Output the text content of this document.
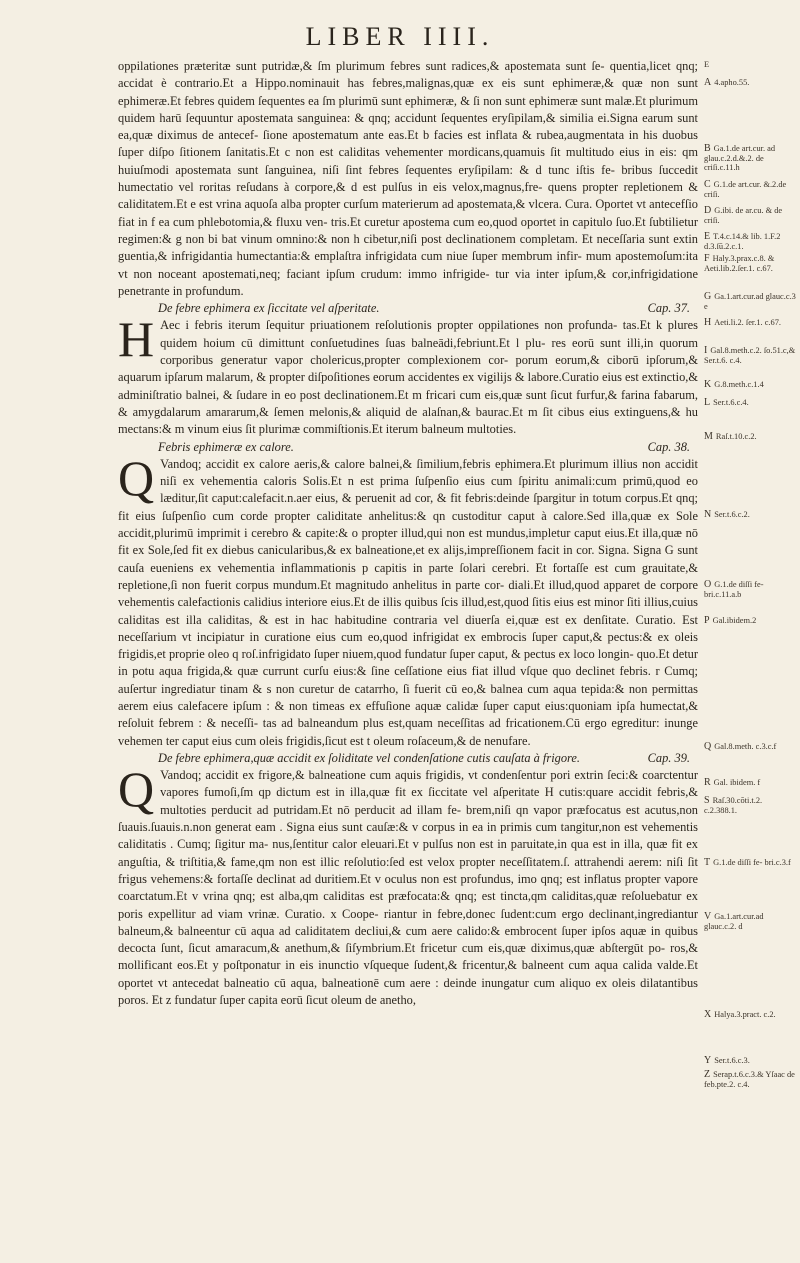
LIBER IIII.

oppilationes præteritæ sunt putridæ,& ſm plurimum febres sunt radices,& apostemata sunt ſe- quentia,licet qnq; accidat è contrario.Et a Hippo.nominauit has febres,malignas,quæ ex eis sunt ephimeræ,& quæ non sunt ephimeræ.Et febres quidem ſequentes ea ſm plurimū sunt ephimeræ, & ſi non sunt ephimeræ sunt malæ.Et plurimum quidem harū ſequuntur apostemata sanguinea: & qnq; accidunt ſequentes eryſipilam,& similia ei.Signa earum sunt ea,quæ diximus de antecef- ſione apostematum ante eas.Et b facies est inflata & rubea,augmentata in his duobus ſuper diſpo ſitionem ſanitatis.Et c non est caliditas vehementer mordicans,quamuis ſit multitudo eius in eis: qm huiuſmodi apostemata sunt ſanguinea, niſi ſint febres ſequentes eryſipilam: & d tunc iſtis fe- bribus ſuccedit humectatio vel roritas reſudans à corpore,& d est pulſus in eis velox,magnus,fre- quens propter repletionem & caliditatem.Et e est vrina aquoſa alba propter curſum materierum ad apostemata,& vlcera. Cura. Oportet vt antecefſio fiat in f ea cum phlebotomia,& fluxu ven- tris.Et curetur apostema cum eo,quod oportet in capitulo ſuo.Et ſubtilietur regimen:& g non bi bat vinum omnino:& non h cibetur,niſi post declinationem completam. Et neceſſaria sunt extin guentia,& infrigidantia humectantia:& emplaſtra infrigidata cum niue ſuper membrum infir- mum apostemoſum:ita vt non noceant apostemati,neq; faciant ipſum crudum: immo infrigide- tur via inter ipſum,& cor,infrigidatione penetrante in profundum.

De febre ephimera ex ſiccitate vel aſperitate.	Cap. 37.

H Aec i febris iterum ſequitur priuationem reſolutionis propter oppilationes non profunda- tas.Et k plures quidem hoium cū dimittunt conſuetudines ſuas balneādi,febriunt.Et l plu- res eorū sunt illi,in quorum corporibus generatur vapor cholericus,propter complexionem cor- porum eorum,& ciborū ipſorum,& aquarum ipſarum malarum, & propter diſpoſitiones eorum accidentes ex vigilijs & labore.Curatio eius est extinctio,& adminiſtratio balnei, & ſudare in eo post declinationem.Et m fricari cum eis,quæ sunt ſicut furfur,& farina fabarum, & amygdalarum amararum,& ſemen melonis,& aliquid de alaſnan,& baurac.Et m ſit cibus eius extinguens,& hu mectans:& m vinum eius ſit plurimæ commiſtionis.Et iterum balneum multoties.

Febris ephimeræ ex calore.	Cap. 38.

Q Vandoq; accidit ex calore aeris,& calore balnei,& ſimilium,febris ephimera.Et plurimum illius non accidit niſi ex vehementia caloris Solis.Et n est prima ſuſpenſio eius cum ſpiritu animali:cum primū,quod eo læditur,ſit caput:calefacit.n.aer eius, & peruenit ad cor, & fit febris:deinde ſpargitur in totum corpus.Et qnq; fit eius ſuſpenſio cum corde propter caliditate anhelitus:& qn custoditur caput à calore.Sed illa,quæ ex Sole accidit,plurimū imprimit i cerebro & capite:& o propter illud,qui non est mundus,impletur caput eius.Et illa,quæ nō fit ex Sole,ſed fit ex diebus canicularibus,& ex balneatione,et ex alijs,impreſſionem facit in cor. Signa. Signa G sunt cauſa eueniens ex vehementia inflammationis p capitis in parte ſolari cerebri. Et fortaſſe est cum grauitate,& repletione,ſi non fuerit corpus mundum.Et magnitudo anhelitus in parte cor- diali.Et illud,quod apparet de corpore vehementis calefactionis calidius interiore eius.Et de illis quibus ſcis illud,est,quod ſitis eius est minor ſiti illius,cuius caliditas est illa caliditas, & est in hac habitudine contraria vel diuerſa ei,quæ est ex denſitate. Curatio. Est neceſſarium vt incipiatur in curatione eius cum eo,quod infrigidat ex embrocis ſuper caput,& pectus:& ex oleis frigidis,et proprie oleo q roſ.infrigidato ſuper niuem,quod fundatur ſuper caput, & pectus ex loco longin- quo.Et detur in potu aqua frigida,& quæ currunt curſu eius:& ſine ceſſatione eius fiat illud vſque quo declinet febris. r Cumq; auſertur ingrediatur tinam & s non curetur de catarrho, ſi fuerit cū eo,& balnea cum aqua tepida:& non permittas aerem eius calefacere ipſum : & non timeas ex effuſione aquæ calidæ ſuper caput eius:quoniam ipſa humectat,& reſoluit febrem : & neceſſi- tas ad balneandum plus est,quam neceſſitas ad fricationem.Cū ergo egreditur: inunge vehemen ter caput eius cum oleis frigidis,ſicut est t oleum roſaceum,& de nenufare.

De febre ephimera,quæ accidit ex ſoliditate vel condenſatione cutis cauſata à frigore.	Cap. 39.

Q Vandoq; accidit ex frigore,& balneatione cum aquis frigidis, vt condenſentur pori extrin ſeci:& coarctentur vapores fumoſi,ſm qp dictum est in illa,quæ fit ex ſiccitate vel aſperitate H cutis:quare accidit febris,& multoties perducit ad putridam.Et nō perducit ad illam fe- brem,niſi qn vapor præfocatus est acutus,non ſuauis.ſuauis.n.non generat eam . Signa eius sunt cauſæ:& v corpus in ea in primis cum tangitur,non est vehementis caliditatis . Cumq; ſigitur ma- nus,ſentitur calor eleuari.Et v pulſus non est in paruitate,in qua est in illa, quæ fit ex anguſtia, & triſtitia,& fame,qm non est illic reſolutio:ſed est velox propter neceſſitatem.ſ. attrahendi aerem: niſi ſit frigus vehemens:& fortaſſe declinat ad duritiem.Et v oculus non est profundus, imo qnq; est inflatus propter vapore coarctatum.Et v vrina qnq; est alba,qm caliditas est præfocata:& qnq; est tincta,qm caliditas,quæ reſoluebatur ex poris expellitur ad viam vrinæ. Curatio. x Coope- riantur in febre,donec ſudent:cum ergo declinant,ingrediantur balneum,& balneentur cū aqua ad caliditatem decliui,& cum aere calido:& embrocent ſuper ipſos aquæ in quibus decocta ſunt, ſicut amaracum,& anethum,& ſiſymbrium.Et fricetur cum eis,quæ diximus,quæ abſtergūt po- ros,& mollificant eos.Et y poſtponatur in eis inunctio vſqueque ſudent,& fricentur,& balneent cum aqua calida valde.Et oportet vt antecedat balneatio cū aqua, balneationē cum aere : deinde inungatur cum aliquo ex oleis dilatantibus poros. Et z fundatur ſuper capita eorū ſicut oleum de anetho,

E
A 4.apho.55.
B Ga.1.de art.cur. ad glau.c.2.d.&.2. de criſi.c.11.h
C G.1.de art.cur. &.2.de criſi.
D G.ibi. de ar.cu. & de criſi.
E T.4.c.14.& lib. 1.F.2 d.3.ſū.2.c.1.
F Haly.3.prax.c.8. & Aeti.lib.2.ſer.1. c.67.
G Ga.1.art.cur.ad glauc.c.3 e
H Aeti.li.2. ſer.1. c.67.
I Gal.8.meth.c.2. ſo.51.c,& Ser.t.6. c.4.
K G.8.meth.c.1.4
L Ser.t.6.c.4.
M Raſ.t.10.c.2.
N Ser.t.6.c.2.
O G.1.de diſſi fe- bri.c.11.a.b
P Gal.ibidem.2
Q Gal.8.meth. c.3.c.f
R Gal. ibidem. f
S Raſ.30.cōti.t.2. c.2.388.1.
T G.1.de diſſi fe- bri.c.3.f
V Ga.1.art.cur.ad glauc.c.2. d
X Halya.3.pract. c.2.
Y Ser.t.6.c.3.
Z Serap.t.6.c.3.& Yſaac de feb.pte.2. c.4.
